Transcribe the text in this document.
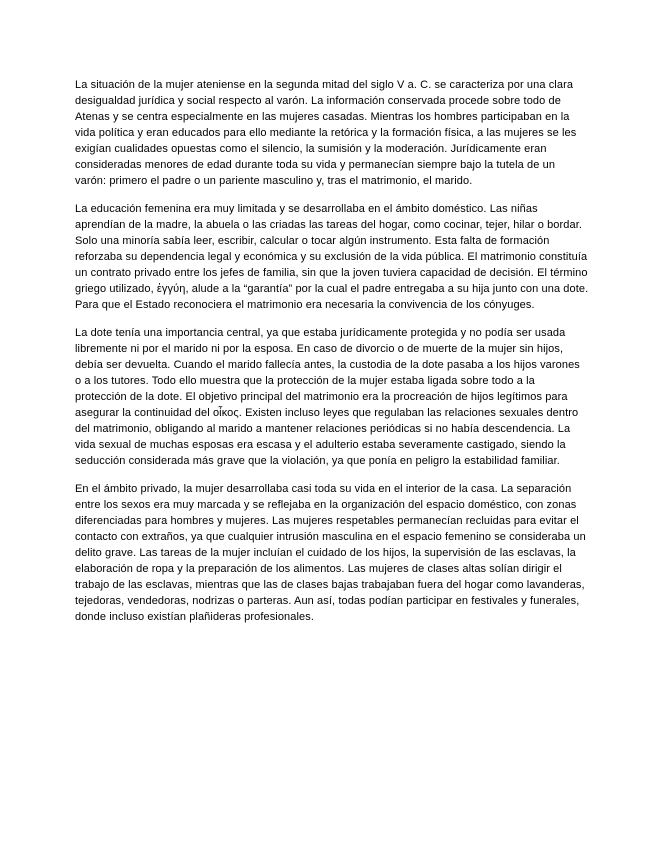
La situación de la mujer ateniense en la segunda mitad del siglo V a. C. se caracteriza por una clara desigualdad jurídica y social respecto al varón. La información conservada procede sobre todo de Atenas y se centra especialmente en las mujeres casadas. Mientras los hombres participaban en la vida política y eran educados para ello mediante la retórica y la formación física, a las mujeres se les exigían cualidades opuestas como el silencio, la sumisión y la moderación. Jurídicamente eran consideradas menores de edad durante toda su vida y permanecían siempre bajo la tutela de un varón: primero el padre o un pariente masculino y, tras el matrimonio, el marido.

La educación femenina era muy limitada y se desarrollaba en el ámbito doméstico. Las niñas aprendían de la madre, la abuela o las criadas las tareas del hogar, como cocinar, tejer, hilar o bordar. Solo una minoría sabía leer, escribir, calcular o tocar algún instrumento. Esta falta de formación reforzaba su dependencia legal y económica y su exclusión de la vida pública. El matrimonio constituía un contrato privado entre los jefes de familia, sin que la joven tuviera capacidad de decisión. El término griego utilizado, ἐγγύη, alude a la “garantía” por la cual el padre entregaba a su hija junto con una dote. Para que el Estado reconociera el matrimonio era necesaria la convivencia de los cónyuges.

La dote tenía una importancia central, ya que estaba jurídicamente protegida y no podía ser usada libremente ni por el marido ni por la esposa. En caso de divorcio o de muerte de la mujer sin hijos, debía ser devuelta. Cuando el marido fallecía antes, la custodia de la dote pasaba a los hijos varones o a los tutores. Todo ello muestra que la protección de la mujer estaba ligada sobre todo a la protección de la dote. El objetivo principal del matrimonio era la procreación de hijos legítimos para asegurar la continuidad del οἶκος. Existen incluso leyes que regulaban las relaciones sexuales dentro del matrimonio, obligando al marido a mantener relaciones periódicas si no había descendencia. La vida sexual de muchas esposas era escasa y el adulterio estaba severamente castigado, siendo la seducción considerada más grave que la violación, ya que ponía en peligro la estabilidad familiar.

En el ámbito privado, la mujer desarrollaba casi toda su vida en el interior de la casa. La separación entre los sexos era muy marcada y se reflejaba en la organización del espacio doméstico, con zonas diferenciadas para hombres y mujeres. Las mujeres respetables permanecían recluidas para evitar el contacto con extraños, ya que cualquier intrusión masculina en el espacio femenino se consideraba un delito grave. Las tareas de la mujer incluían el cuidado de los hijos, la supervisión de las esclavas, la elaboración de ropa y la preparación de los alimentos. Las mujeres de clases altas solían dirigir el trabajo de las esclavas, mientras que las de clases bajas trabajaban fuera del hogar como lavanderas, tejedoras, vendedoras, nodrizas o parteras. Aun así, todas podían participar en festivales y funerales, donde incluso existían plañideras profesionales.
